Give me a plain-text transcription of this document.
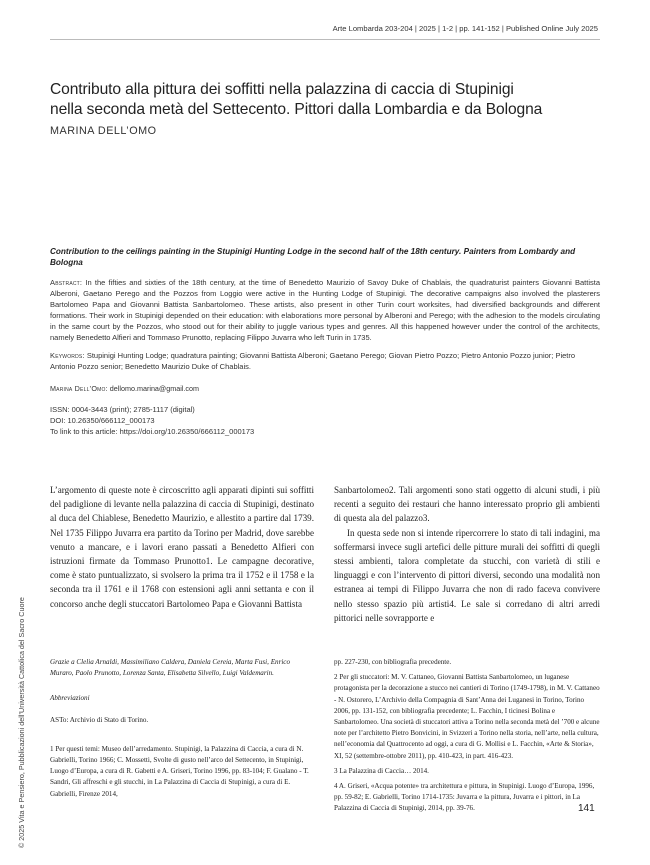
Arte Lombarda 203-204 | 2025 | 1-2 | pp. 141-152 | Published Online July 2025
Contributo alla pittura dei soffitti nella palazzina di caccia di Stupinigi
nella seconda metà del Settecento. Pittori dalla Lombardia e da Bologna
MARINA DELL’OMO
Contribution to the ceilings painting in the Stupinigi Hunting Lodge in the second half of the 18th century. Painters from Lombardy and Bologna
Abstract: In the fifties and sixties of the 18th century, at the time of Benedetto Maurizio of Savoy Duke of Chablais, the quadraturist painters Giovanni Battista Alberoni, Gaetano Perego and the Pozzos from Loggio were active in the Hunting Lodge of Stupinigi. The decorative campaigns also involved the plasterers Bartolomeo Papa and Giovanni Battista Sanbartolomeo. These artists, also present in other Turin court worksites, had diversified backgrounds and different formations. Their work in Stupinigi depended on their education: with elaborations more personal by Alberoni and Perego; with the adhesion to the models circulating in the same court by the Pozzos, who stood out for their ability to juggle various types and genres. All this happened however under the control of the architects, namely Benedetto Alfieri and Tommaso Prunotto, replacing Filippo Juvarra who left Turin in 1735.
Keywords: Stupinigi Hunting Lodge; quadratura painting; Giovanni Battista Alberoni; Gaetano Perego; Giovan Pietro Pozzo; Pietro Antonio Pozzo junior; Pietro Antonio Pozzo senior; Benedetto Maurizio Duke of Chablais.
Marina Dell’Omo: dellomo.marina@gmail.com
ISSN: 0004-3443 (print); 2785-1117 (digital)
DOI: 10.26350/666112_000173
To link to this article: https://doi.org/10.26350/666112_000173
L’argomento di queste note è circoscritto agli apparati dipinti sui soffitti del padiglione di levante nella palazzina di caccia di Stupinigi, destinato al duca del Chiablese, Benedetto Maurizio, e allestito a partire dal 1739. Nel 1735 Filippo Juvarra era partito da Torino per Madrid, dove sarebbe venuto a mancare, e i lavori erano passati a Benedetto Alfieri con istruzioni firmate da Tommaso Prunotto1. Le campagne decorative, come è stato puntualizzato, si svolsero la prima tra il 1752 e il 1758 e la seconda tra il 1761 e il 1768 con estensioni agli anni settanta e con il concorso anche degli stuccatori Bartolomeo Papa e Giovanni Battista

Sanbartolomeo2. Tali argomenti sono stati oggetto di alcuni studi, i più recenti a seguito dei restauri che hanno interessato proprio gli ambienti di questa ala del palazzo3.

In questa sede non si intende ripercorrere lo stato di tali indagini, ma soffermarsi invece sugli artefici delle pitture murali dei soffitti di quegli stessi ambienti, talora completate da stucchi, con varietà di stili e linguaggi e con l’intervento di pittori diversi, secondo una modalità non estranea ai tempi di Filippo Juvarra che non di rado faceva convivere nello stesso spazio più artisti4. Le sale si corredano di altri arredi pittorici nelle sovrapporte e

Grazie a Clelia Arnaldi, Massimiliano Caldera, Daniela Cereia, Marta Fusi, Enrico Muraro, Paolo Prunotto, Lorenza Santa, Elisabetta Silvello, Luigi Valdemarin.

Abbreviazioni

ASTo: Archivio di Stato di Torino.

1 Per questi temi: Museo dell’arredamento. Stupinigi, la Palazzina di Caccia, a cura di N. Gabrielli, Torino 1966; C. Mossetti, Svolte di gusto nell’arco del Settecento, in Stupinigi, Luogo d’Europa, a cura di R. Gabetti e A. Griseri, Torino 1996, pp. 83-104; F. Gualano - T. Sandri, Gli affreschi e gli stucchi, in La Palazzina di Caccia di Stupinigi, a cura di E. Gabrielli, Firenze 2014,

pp. 227-230, con bibliografia precedente.

2 Per gli stuccatori: M. V. Cattaneo, Giovanni Battista Sanbartolomeo, un luganese protagonista per la decorazione a stucco nei cantieri di Torino (1749-1798), in M. V. Cattaneo - N. Ostorero, L’Archivio della Compagnia di Sant’Anna dei Luganesi in Torino, Torino 2006, pp. 131-152, con bibliografia precedente; L. Facchin, I ticinesi Bolina e Sanbartolomeo. Una società di stuccatori attiva a Torino nella seconda metà del ’700 e alcune note per l’architetto Pietro Bonvicini, in Svizzeri a Torino nella storia, nell’arte, nella cultura, nell’economia dal Quattrocento ad oggi, a cura di G. Mollisi e L. Facchin, «Arte & Storia», XI, 52 (settembre-ottobre 2011), pp. 410-423, in part. 416-423.

3 La Palazzina di Caccia… 2014.

4 A. Griseri, «Acqua potente» tra architettura e pittura, in Stupinigi. Luogo d’Europa, 1996, pp. 59-82; E. Gabrielli, Torino 1714-1735: Juvarra e la pittura, Juvarra e i pittori, in La Palazzina di Caccia di Stupinigi, 2014, pp. 39-76.	141
© 2025 Vita e Pensiero, Pubblicazioni dell’Università Cattolica del Sacro Cuore
